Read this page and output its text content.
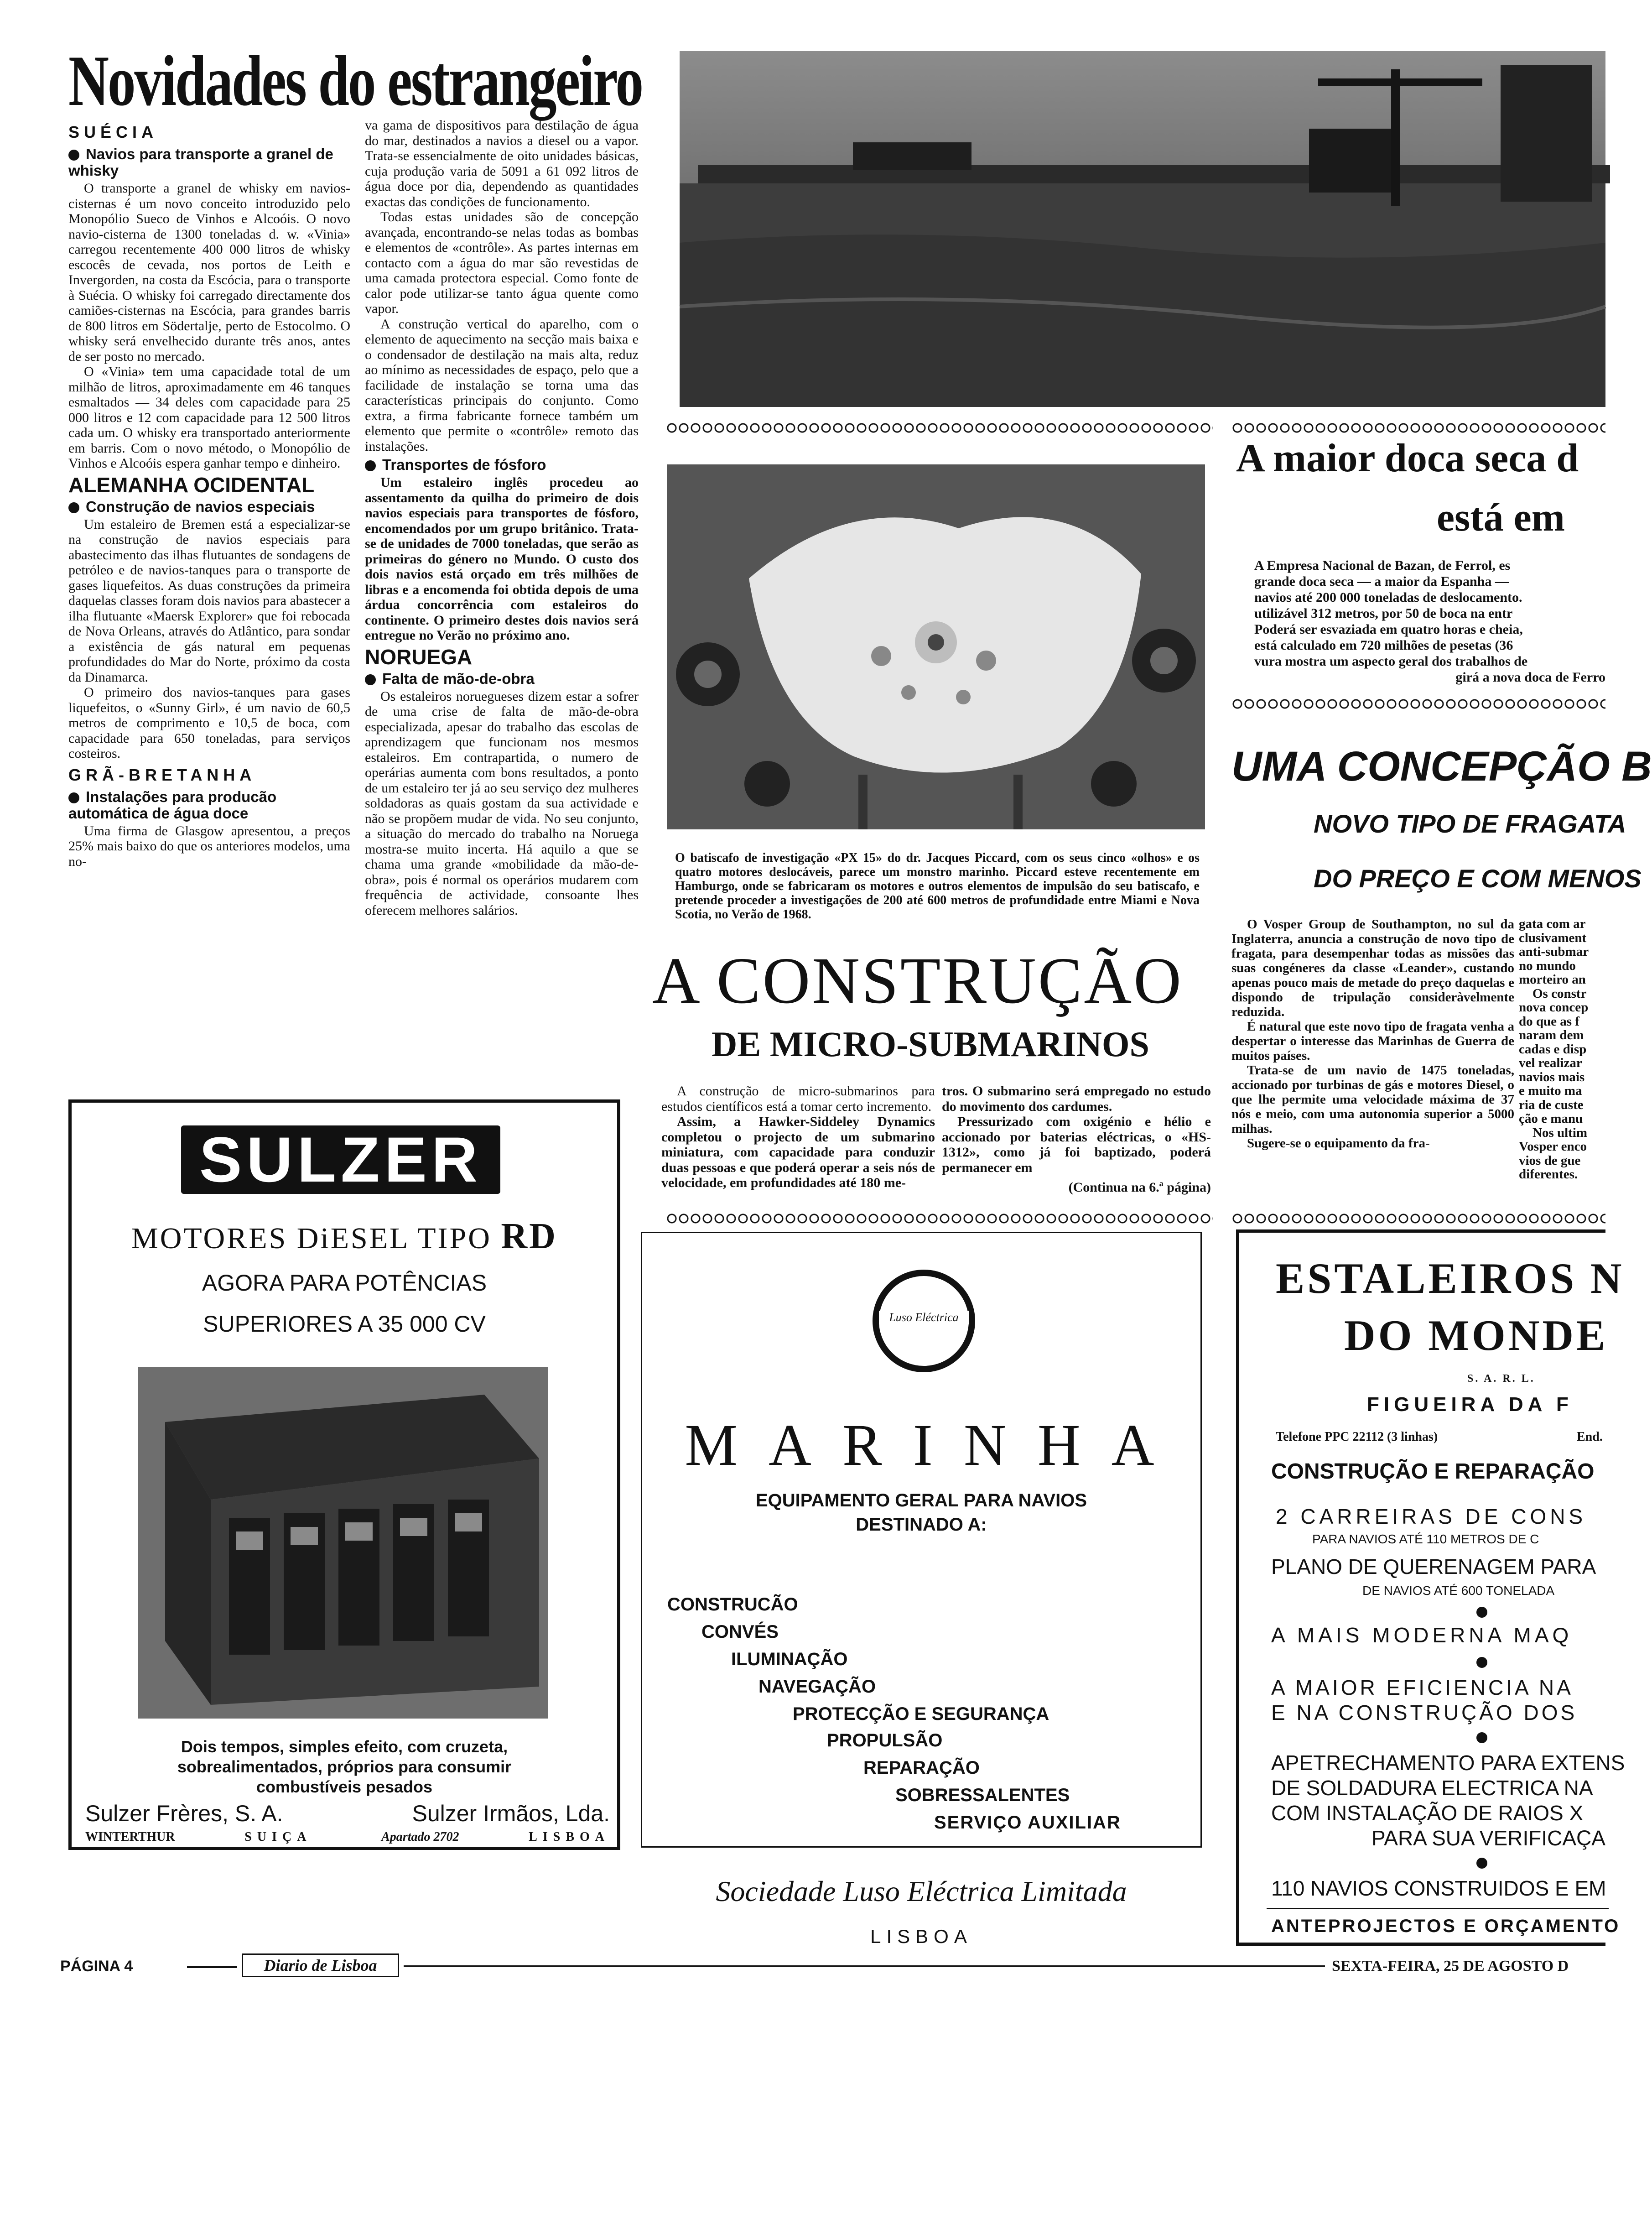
Novidades do estrangeiro
SUÉCIA
Navios para transporte a granel de whisky

O transporte a granel de whisky em navios-cisternas é um novo conceito introduzido pelo Monopólio Sueco de Vinhos e Alcoóis. O novo navio-cisterna de 1300 toneladas d. w. «Vinia» carregou recentemente 400 000 litros de whisky escocês de cevada, nos portos de Leith e Invergorden, na costa da Escócia, para o transporte à Suécia. O whisky foi carregado directamente dos camiões-cisternas na Escócia, para grandes barris de 800 litros em Södertalje, perto de Estocolmo. O whisky será envelhecido durante três anos, antes de ser posto no mercado.

O «Vinia» tem uma capacidade total de um milhão de litros, aproximadamente em 46 tanques esmaltados — 34 deles com capacidade para 25 000 litros e 12 com capacidade para 12 500 litros cada um. O whisky era transportado anteriormente em barris. Com o novo método, o Monopólio de Vinhos e Alcoóis espera ganhar tempo e dinheiro.

ALEMANHA OCIDENTAL
Construção de navios especiais

Um estaleiro de Bremen está a especializar-se na construção de navios especiais para abastecimento das ilhas flutuantes de sondagens de petróleo e de navios-tanques para o transporte de gases liquefeitos. As duas construções da primeira daquelas classes foram dois navios para abastecer a ilha flutuante «Maersk Explorer» que foi rebocada de Nova Orleans, através do Atlântico, para sondar a existência de gás natural em pequenas profundidades do Mar do Norte, próximo da costa da Dinamarca.

O primeiro dos navios-tanques para gases liquefeitos, o «Sunny Girl», é um navio de 60,5 metros de comprimento e 10,5 de boca, com capacidade para 650 toneladas, para serviços costeiros.

GRÃ-BRETANHA
Instalações para producão automática de água doce

Uma firma de Glasgow apresentou, a preços 25% mais baixo do que os anteriores modelos, uma no-

va gama de dispositivos para destilação de água do mar, destinados a navios a diesel ou a vapor. Trata-se essencialmente de oito unidades básicas, cuja produção varia de 5091 a 61 092 litros de água doce por dia, dependendo as quantidades exactas das condições de funcionamento.

Todas estas unidades são de concepção avançada, encontrando-se nelas todas as bombas e elementos de «contrôle». As partes internas em contacto com a água do mar são revestidas de uma camada protectora especial. Como fonte de calor pode utilizar-se tanto água quente como vapor.

A construção vertical do aparelho, com o elemento de aquecimento na secção mais baixa e o condensador de destilação na mais alta, reduz ao mínimo as necessidades de espaço, pelo que a facilidade de instalação se torna uma das características principais do conjunto. Como extra, a firma fabricante fornece também um elemento que permite o «contrôle» remoto das instalações.

Transportes de fósforo

Um estaleiro inglês procedeu ao assentamento da quilha do primeiro de dois navios especiais para transportes de fósforo, encomendados por um grupo britânico. Trata-se de unidades de 7000 toneladas, que serão as primeiras do género no Mundo. O custo dos dois navios está orçado em três milhões de libras e a encomenda foi obtida depois de uma árdua concorrência com estaleiros do continente. O primeiro destes dois navios será entregue no Verão no próximo ano.

NORUEGA
Falta de mão-de-obra

Os estaleiros noruegueses dizem estar a sofrer de uma crise de falta de mão-de-obra especializada, apesar do trabalho das escolas de aprendizagem que funcionam nos mesmos estaleiros. Em contrapartida, o numero de operárias aumenta com bons resultados, a ponto de um estaleiro ter já ao seu serviço dez mulheres soldadoras as quais gostam da sua actividade e não se propõem mudar de vida. No seu conjunto, a situação do mercado do trabalho na Noruega mostra-se muito incerta. Há aquilo a que se chama uma grande «mobilidade da mão-de-obra», pois é normal os operários mudarem com frequência de actividade, consoante lhes oferecem melhores salários.

O batiscafo de investigação «PX 15» do dr. Jacques Piccard, com os seus cinco «olhos» e os quatro motores deslocáveis, parece um monstro marinho. Piccard esteve recentemente em Hamburgo, onde se fabricaram os motores e outros elementos de impulsão do seu batiscafo, e pretende proceder a investigações de 200 até 600 metros de profundidade entre Miami e Nova Scotia, no Verão de 1968.
A CONSTRUÇÃO
DE MICRO-SUBMARINOS

A construção de micro-submarinos para estudos científicos está a tomar certo incremento.

Assim, a Hawker-Siddeley Dynamics completou o projecto de um submarino miniatura, com capacidade para conduzir duas pessoas e que poderá operar a seis nós de velocidade, em profundidades até 180 me-

tros. O submarino será empregado no estudo do movimento dos cardumes.

Pressurizado com oxigénio e hélio e accionado por baterias eléctricas, o «HS-1312», como já foi baptizado, poderá permanecer em

(Continua na 6.ª página)
A maior doca seca d
está em
A Empresa Nacional de Bazan, de Ferrol, es
grande doca seca — a maior da Espanha —
navios até 200 000 toneladas de deslocamento.
utilizável 312 metros, por 50 de boca na entr
Poderá ser esvaziada em quatro horas e cheia,
está calculado em 720 milhões de pesetas (36
vura mostra um aspecto geral dos trabalhos de
girá a nova doca de Ferro
UMA CONCEPÇÃO B
NOVO TIPO DE FRAGATA
DO PREÇO E COM MENOS

O Vosper Group de Southampton, no sul da Inglaterra, anuncia a construção de novo tipo de fragata, para desempenhar todas as missões das suas congéneres da classe «Leander», custando apenas pouco mais de metade do preço daquelas e dispondo de tripulação consideràvelmente reduzida.

É natural que este novo tipo de fragata venha a despertar o interesse das Marinhas de Guerra de muitos países.

Trata-se de um navio de 1475 toneladas, accionado por turbinas de gás e motores Diesel, o que lhe permite uma velocidade máxima de 37 nós e meio, com uma autonomia superior a 5000 milhas.

Sugere-se o equipamento da fra-

gata com ar
clusivament
anti-submar
no mundo
morteiro an
Os constr
nova concep
do que as f
naram dem
cadas e disp
vel realizar
navios mais
e muito ma
ria de custe
ção e manu
Nos ultim
Vosper enco
vios de gue
diferentes.
SULZER
MOTORES DiESEL TIPO RD
AGORA PARA POTÊNCIAS
SUPERIORES A 35 000 CV
Dois tempos, simples efeito, com cruzeta, sobrealimentados, próprios para consumir combustíveis pesados
Sulzer Frères, S. A.	Sulzer Irmãos, Lda.
WINTERTHUR	SUIÇA	Apartado 2702	LISBOA
Luso Eléctrica
MARINHA
EQUIPAMENTO GERAL PARA NAVIOS
DESTINADO A:
CONSTRUCÃO
CONVÉS
ILUMINAÇÃO
NAVEGAÇÃO
PROTECÇÃO E SEGURANÇA
PROPULSÃO
REPARAÇÃO
SOBRESSALENTES
SERVIÇO AUXILIAR
Sociedade Luso Eléctrica Limitada
LISBOA
ESTALEIROS N
DO MONDE
S. A. R. L.
FIGUEIRA DA F
Telefone PPC 22112 (3 linhas)	End.
CONSTRUÇÃO E REPARAÇÃO
2 CARREIRAS DE CONS
PARA NAVIOS ATÉ 110 METROS DE C
PLANO DE QUERENAGEM PARA
DE NAVIOS ATÉ 600 TONELADA
A MAIS MODERNA MAQ
A MAIOR EFICIENCIA NA
E NA CONSTRUÇÃO DOS
APETRECHAMENTO PARA EXTENS
DE SOLDADURA ELECTRICA NA
COM INSTALAÇÃO DE RAIOS X
PARA SUA VERIFICAÇA
110 NAVIOS CONSTRUIDOS E EM
ANTEPROJECTOS E ORÇAMENTO
PÁGINA 4	Diario de Lisboa	SEXTA-FEIRA, 25 DE AGOSTO D
